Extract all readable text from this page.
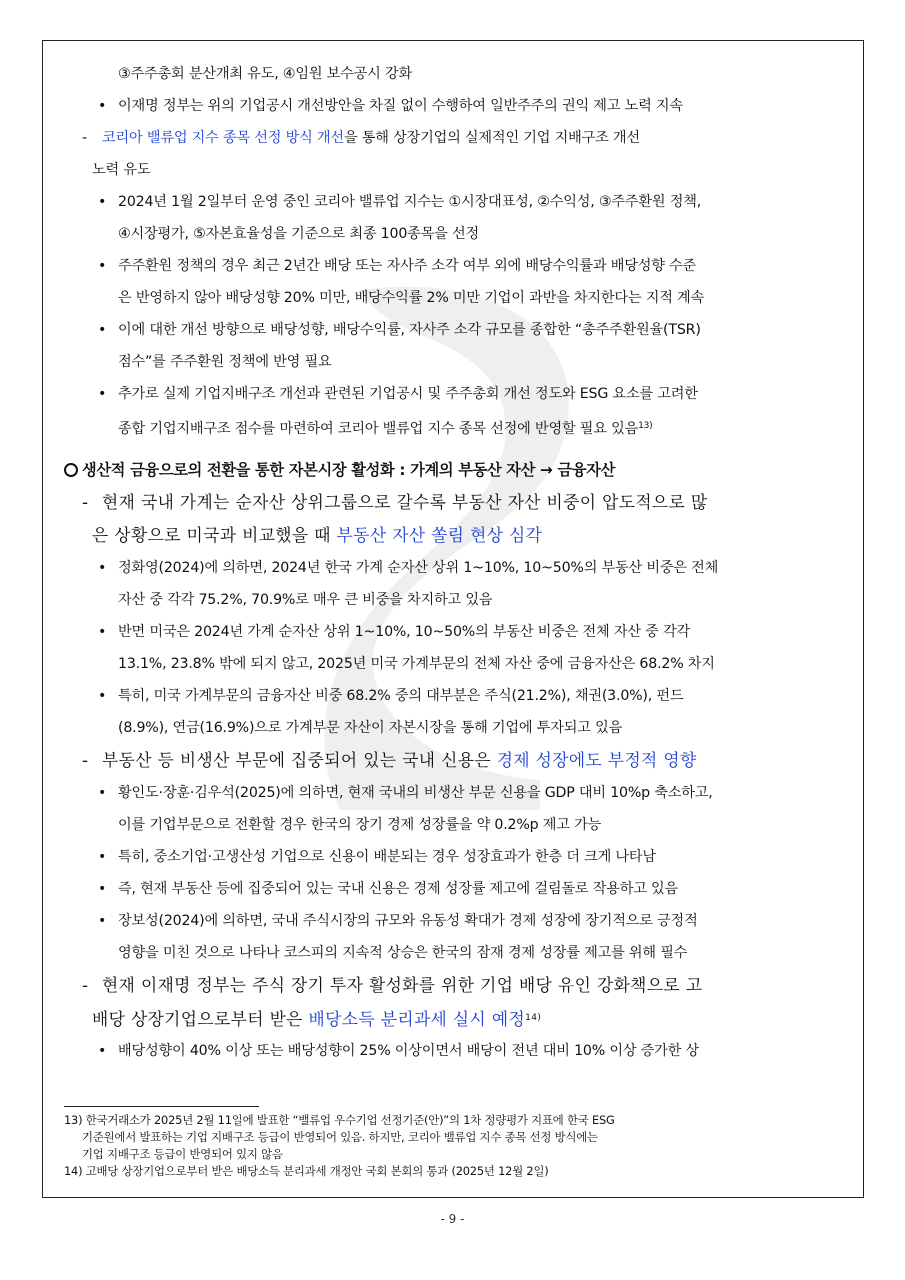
③주주총회 분산개최 유도, ④임원 보수공시 강화
• 이재명 정부는 위의 기업공시 개선방안을 차질 없이 수행하여 일반주주의 권익 제고 노력 지속
- 코리아 밸류업 지수 종목 선정 방식 개선을 통해 상장기업의 실제적인 기업 지배구조 개선
노력 유도
• 2024년 1월 2일부터 운영 중인 코리아 밸류업 지수는 ①시장대표성, ②수익성, ③주주환원 정책,
④시장평가, ⑤자본효율성을 기준으로 최종 100종목을 선정
• 주주환원 정책의 경우 최근 2년간 배당 또는 자사주 소각 여부 외에 배당수익률과 배당성향 수준
은 반영하지 않아 배당성향 20% 미만, 배당수익률 2% 미만 기업이 과반을 차지한다는 지적 계속
• 이에 대한 개선 방향으로 배당성향, 배당수익률, 자사주 소각 규모를 종합한 “총주주환원율(TSR)
점수”를 주주환원 정책에 반영 필요
• 추가로 실제 기업지배구조 개선과 관련된 기업공시 및 주주총회 개선 정도와 ESG 요소를 고려한
종합 기업지배구조 점수를 마련하여 코리아 밸류업 지수 종목 선정에 반영할 필요 있음$^{13)}$
생산적 금융으로의 전환을 통한 자본시장 활성화 : 가계의 부동산 자산 → 금융자산
- 현재 국내 가계는 순자산 상위그룹으로 갈수록 부동산 자산 비중이 압도적으로 많
은 상황으로 미국과 비교했을 때 부동산 자산 쏠림 현상 심각
• 정화영(2024)에 의하면, 2024년 한국 가계 순자산 상위 1~10%, 10~50%의 부동산 비중은 전체
자산 중 각각 75.2%, 70.9%로 매우 큰 비중을 차지하고 있음
• 반면 미국은 2024년 가계 순자산 상위 1~10%, 10~50%의 부동산 비중은 전체 자산 중 각각
13.1%, 23.8% 밖에 되지 않고, 2025년 미국 가계부문의 전체 자산 중에 금융자산은 68.2% 차지
• 특히, 미국 가계부문의 금융자산 비중 68.2% 중의 대부분은 주식(21.2%), 채권(3.0%), 펀드
(8.9%), 연금(16.9%)으로 가계부문 자산이 자본시장을 통해 기업에 투자되고 있음
- 부동산 등 비생산 부문에 집중되어 있는 국내 신용은 경제 성장에도 부정적 영향
• 황인도·장훈·김우석(2025)에 의하면, 현재 국내의 비생산 부문 신용을 GDP 대비 10%p 축소하고,
이를 기업부문으로 전환할 경우 한국의 장기 경제 성장률을 약 0.2%p 제고 가능
• 특히, 중소기업·고생산성 기업으로 신용이 배분되는 경우 성장효과가 한층 더 크게 나타남
• 즉, 현재 부동산 등에 집중되어 있는 국내 신용은 경제 성장률 제고에 걸림돌로 작용하고 있음
• 장보성(2024)에 의하면, 국내 주식시장의 규모와 유동성 확대가 경제 성장에 장기적으로 긍정적
영향을 미친 것으로 나타나 코스피의 지속적 상승은 한국의 잠재 경제 성장률 제고를 위해 필수
- 현재 이재명 정부는 주식 장기 투자 활성화를 위한 기업 배당 유인 강화책으로 고
배당 상장기업으로부터 받은 배당소득 분리과세 실시 예정$^{14)}$
• 배당성향이 40% 이상 또는 배당성향이 25% 이상이면서 배당이 전년 대비 10% 이상 증가한 상
13) 한국거래소가 2025년 2월 11일에 발표한 “밸류업 우수기업 선정기준(안)”의 1차 정량평가 지표에 한국 ESG
기준원에서 발표하는 기업 지배구조 등급이 반영되어 있음. 하지만, 코리아 밸류업 지수 종목 선정 방식에는
기업 지배구조 등급이 반영되어 있지 않음
14) 고배당 상장기업으로부터 받은 배당소득 분리과세 개정안 국회 본회의 통과 (2025년 12월 2일)
- 9 -
